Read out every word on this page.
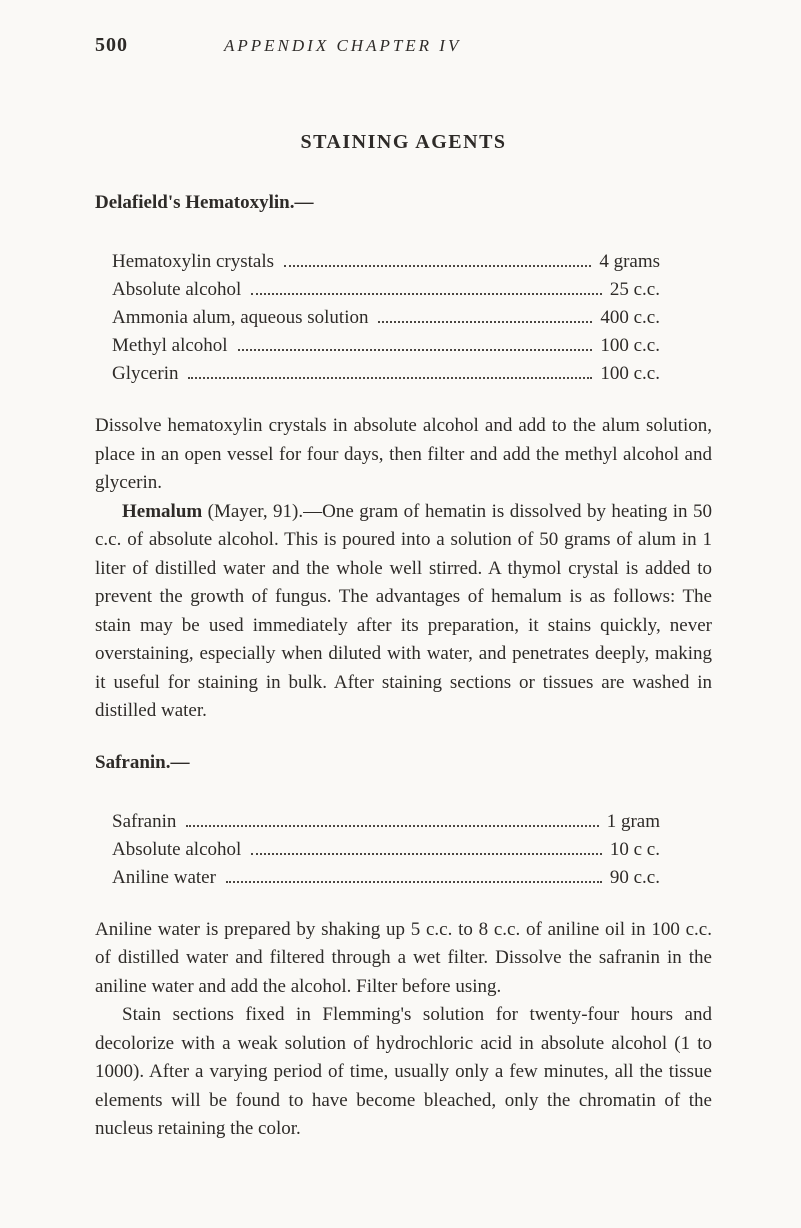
500	APPENDIX CHAPTER IV
STAINING AGENTS
Delafield's Hematoxylin.—
Hematoxylin crystals	4 grams
Absolute alcohol	25 c.c.
Ammonia alum, aqueous solution	400 c.c.
Methyl alcohol	100 c.c.
Glycerin	100 c.c.

Dissolve hematoxylin crystals in absolute alcohol and add to the alum solution, place in an open vessel for four days, then filter and add the methyl alcohol and glycerin.

Hemalum (Mayer, 91).—One gram of hematin is dissolved by heating in 50 c.c. of absolute alcohol. This is poured into a solution of 50 grams of alum in 1 liter of distilled water and the whole well stirred. A thymol crystal is added to prevent the growth of fungus. The advantages of hemalum is as follows: The stain may be used immediately after its preparation, it stains quickly, never overstaining, especially when diluted with water, and penetrates deeply, making it useful for staining in bulk. After staining sections or tissues are washed in distilled water.

Safranin.—
Safranin	1 gram
Absolute alcohol	10 c c.
Aniline water	90 c.c.

Aniline water is prepared by shaking up 5 c.c. to 8 c.c. of aniline oil in 100 c.c. of distilled water and filtered through a wet filter. Dissolve the safranin in the aniline water and add the alcohol. Filter before using.

Stain sections fixed in Flemming's solution for twenty-four hours and decolorize with a weak solution of hydrochloric acid in absolute alcohol (1 to 1000). After a varying period of time, usually only a few minutes, all the tissue elements will be found to have become bleached, only the chromatin of the nucleus retaining the color.
